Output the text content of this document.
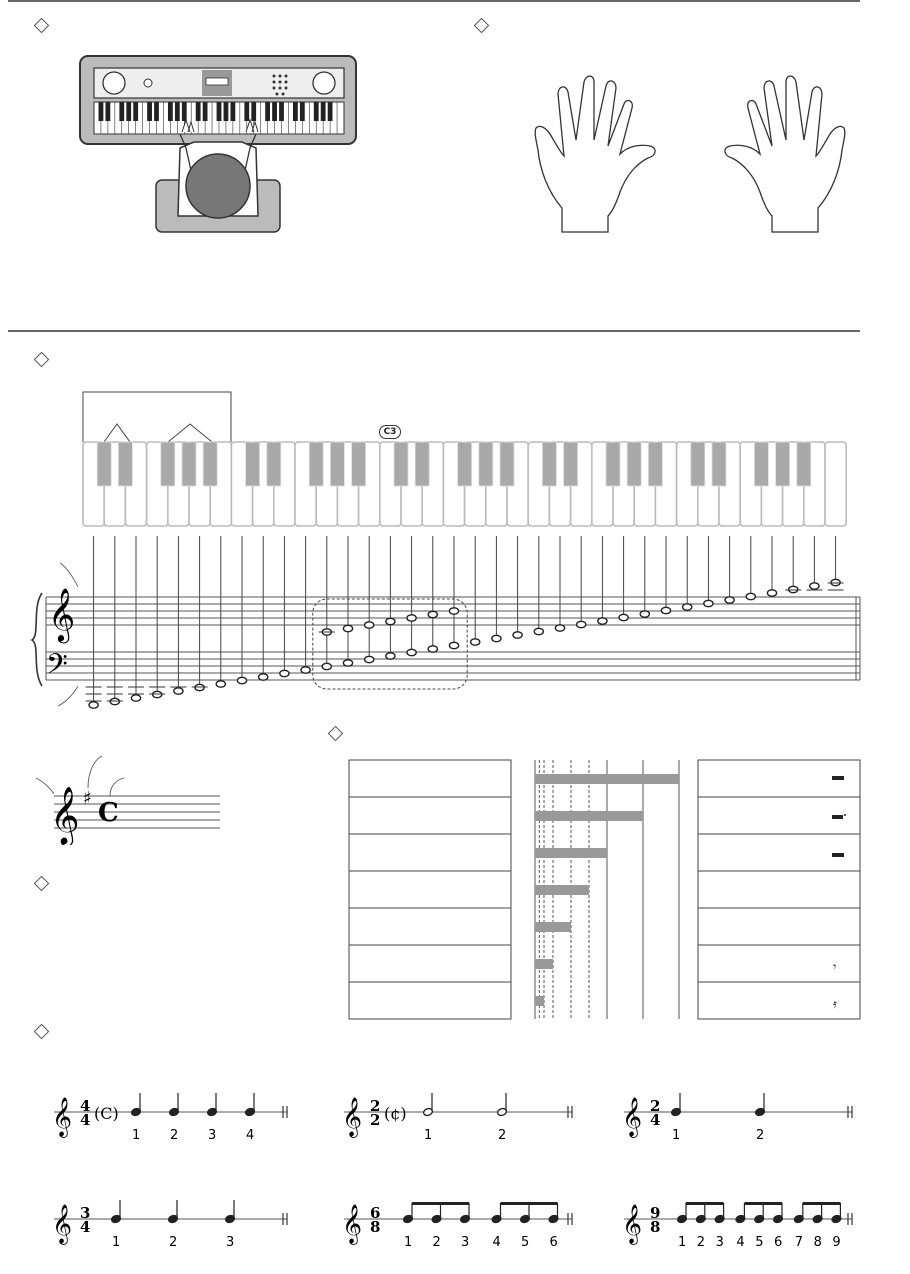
C3
𝄞
𝄢
𝄞 ♯ C
𝄾
𝄿
𝄞 4
4 (C)
1 2 3 4	𝄞 2
2 (¢)
1	2	𝄞 2
4
1	2
𝄞 3
4
1	2	3	𝄞 6
8
1 2 3 4 5 6 𝄞 9
8
1 2 3 4 5 6 7 8 9
